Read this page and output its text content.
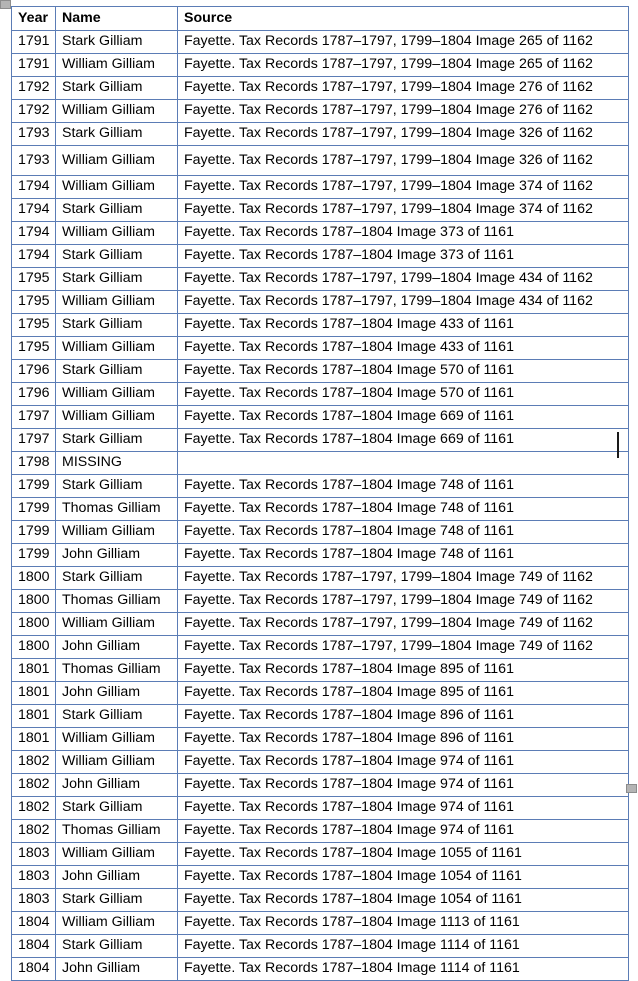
Year	Name	Source
1791	Stark Gilliam	Fayette. Tax Records 1787–1797, 1799–1804 Image 265 of 1162
1791	William Gilliam	Fayette. Tax Records 1787–1797, 1799–1804 Image 265 of 1162
1792	Stark Gilliam	Fayette. Tax Records 1787–1797, 1799–1804 Image 276 of 1162
1792	William Gilliam	Fayette. Tax Records 1787–1797, 1799–1804 Image 276 of 1162
1793	Stark Gilliam	Fayette. Tax Records 1787–1797, 1799–1804 Image 326 of 1162
1793	William Gilliam	Fayette. Tax Records 1787–1797, 1799–1804 Image 326 of 1162
1794	William Gilliam	Fayette. Tax Records 1787–1797, 1799–1804 Image 374 of 1162
1794	Stark Gilliam	Fayette. Tax Records 1787–1797, 1799–1804 Image 374 of 1162
1794	William Gilliam	Fayette. Tax Records 1787–1804 Image 373 of 1161
1794	Stark Gilliam	Fayette. Tax Records 1787–1804 Image 373 of 1161
1795	Stark Gilliam	Fayette. Tax Records 1787–1797, 1799–1804 Image 434 of 1162
1795	William Gilliam	Fayette. Tax Records 1787–1797, 1799–1804 Image 434 of 1162
1795	Stark Gilliam	Fayette. Tax Records 1787–1804 Image 433 of 1161
1795	William Gilliam	Fayette. Tax Records 1787–1804 Image 433 of 1161
1796	Stark Gilliam	Fayette. Tax Records 1787–1804 Image 570 of 1161
1796	William Gilliam	Fayette. Tax Records 1787–1804 Image 570 of 1161
1797	William Gilliam	Fayette. Tax Records 1787–1804 Image 669 of 1161
1797	Stark Gilliam	Fayette. Tax Records 1787–1804 Image 669 of 1161
1798	MISSING	
1799	Stark Gilliam	Fayette. Tax Records 1787–1804 Image 748 of 1161
1799	Thomas Gilliam	Fayette. Tax Records 1787–1804 Image 748 of 1161
1799	William Gilliam	Fayette. Tax Records 1787–1804 Image 748 of 1161
1799	John Gilliam	Fayette. Tax Records 1787–1804 Image 748 of 1161
1800	Stark Gilliam	Fayette. Tax Records 1787–1797, 1799–1804 Image 749 of 1162
1800	Thomas Gilliam	Fayette. Tax Records 1787–1797, 1799–1804 Image 749 of 1162
1800	William Gilliam	Fayette. Tax Records 1787–1797, 1799–1804 Image 749 of 1162
1800	John Gilliam	Fayette. Tax Records 1787–1797, 1799–1804 Image 749 of 1162
1801	Thomas Gilliam	Fayette. Tax Records 1787–1804 Image 895 of 1161
1801	John Gilliam	Fayette. Tax Records 1787–1804 Image 895 of 1161
1801	Stark Gilliam	Fayette. Tax Records 1787–1804 Image 896 of 1161
1801	William Gilliam	Fayette. Tax Records 1787–1804 Image 896 of 1161
1802	William Gilliam	Fayette. Tax Records 1787–1804 Image 974 of 1161
1802	John Gilliam	Fayette. Tax Records 1787–1804 Image 974 of 1161
1802	Stark Gilliam	Fayette. Tax Records 1787–1804 Image 974 of 1161
1802	Thomas Gilliam	Fayette. Tax Records 1787–1804 Image 974 of 1161
1803	William Gilliam	Fayette. Tax Records 1787–1804 Image 1055 of 1161
1803	John Gilliam	Fayette. Tax Records 1787–1804 Image 1054 of 1161
1803	Stark Gilliam	Fayette. Tax Records 1787–1804 Image 1054 of 1161
1804	William Gilliam	Fayette. Tax Records 1787–1804 Image 1113 of 1161
1804	Stark Gilliam	Fayette. Tax Records 1787–1804 Image 1114 of 1161
1804	John Gilliam	Fayette. Tax Records 1787–1804 Image 1114 of 1161
